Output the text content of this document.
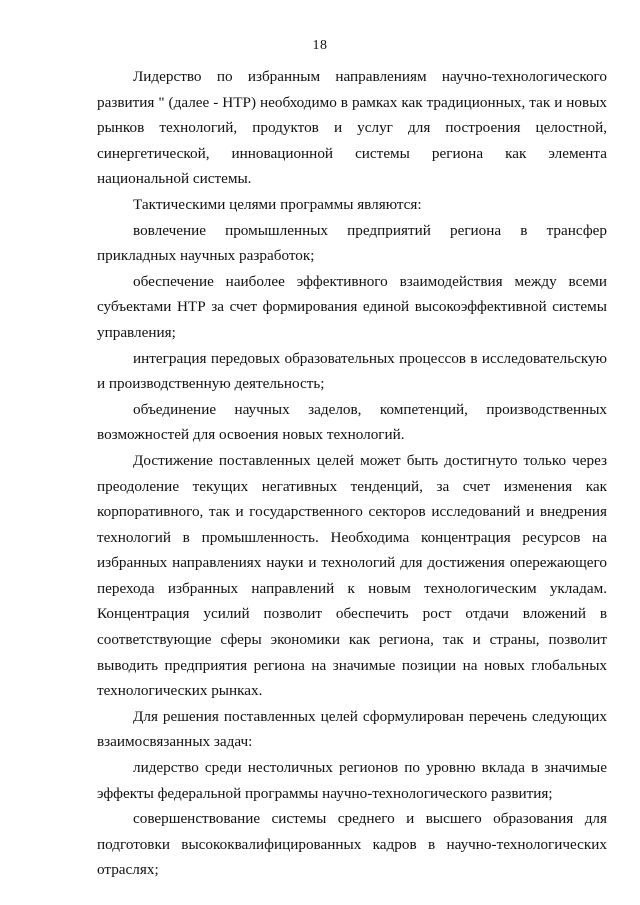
18

Лидерство по избранным направлениям научно-технологического развития " (далее - НТР) необходимо в рамках как традиционных, так и новых рынков технологий, продуктов и услуг для построения целостной, синергетической, инновационной системы региона как элемента национальной системы.

Тактическими целями программы являются:

вовлечение промышленных предприятий региона в трансфер прикладных научных разработок;

обеспечение наиболее эффективного взаимодействия между всеми субъектами НТР за счет формирования единой высокоэффективной системы управления;

интеграция передовых образовательных процессов в исследовательскую и производственную деятельность;

объединение научных заделов, компетенций, производственных возможностей для освоения новых технологий.

Достижение поставленных целей может быть достигнуто только через преодоление текущих негативных тенденций, за счет изменения как корпоративного, так и государственного секторов исследований и внедрения технологий в промышленность. Необходима концентрация ресурсов на избранных направлениях науки и технологий для достижения опережающего перехода избранных направлений к новым технологическим укладам. Концентрация усилий позволит обеспечить рост отдачи вложений в соответствующие сферы экономики как региона, так и страны, позволит выводить предприятия региона на значимые позиции на новых глобальных технологических рынках.

Для решения поставленных целей сформулирован перечень следующих взаимосвязанных задач:

лидерство среди нестоличных регионов по уровню вклада в значимые эффекты федеральной программы научно-технологического развития;

совершенствование системы среднего и высшего образования для подготовки высококвалифицированных кадров в научно-технологических отраслях;
